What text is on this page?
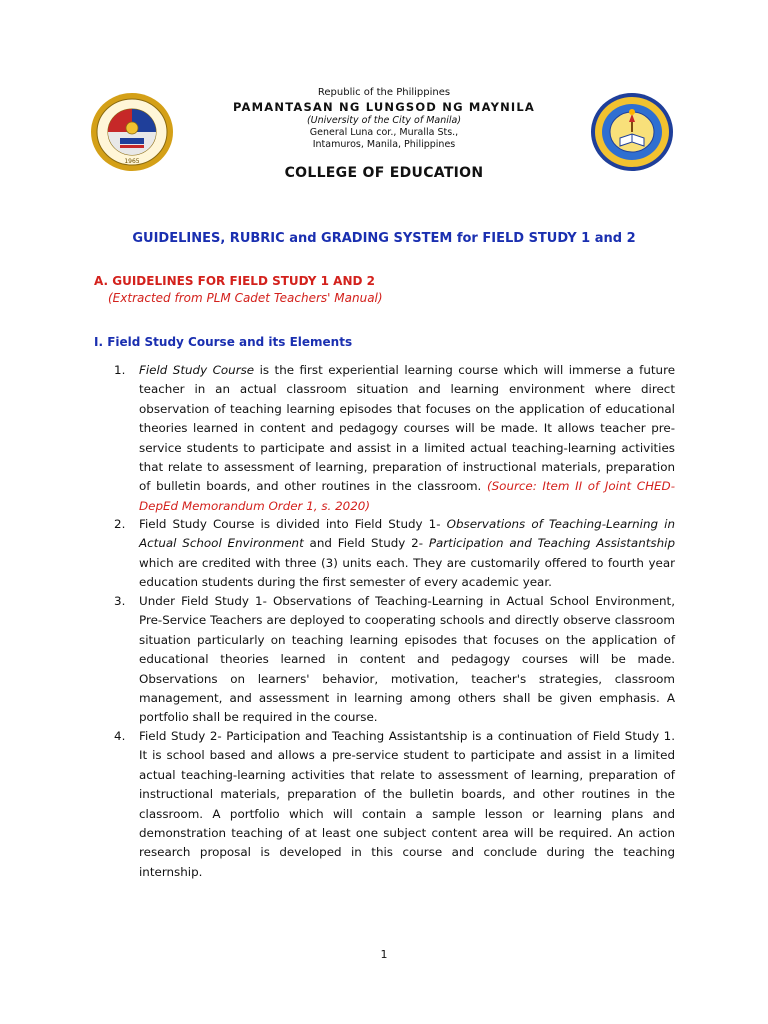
1965
Republic of the Philippines
PAMANTASAN NG LUNGSOD NG MAYNILA
(University of the City of Manila)
General Luna cor., Muralla Sts.,
Intamuros, Manila, Philippines
COLLEGE OF EDUCATION
GUIDELINES, RUBRIC and GRADING SYSTEM for FIELD STUDY 1 and 2
A. GUIDELINES FOR FIELD STUDY 1 AND 2
(Extracted from PLM Cadet Teachers' Manual)
I. Field Study Course and its Elements
1. Field Study Course is the first experiential learning course which will immerse a future teacher in an actual classroom situation and learning environment where direct observation of teaching learning episodes that focuses on the application of educational theories learned in content and pedagogy courses will be made. It allows teacher pre-service students to participate and assist in a limited actual teaching-learning activities that relate to assessment of learning, preparation of instructional materials, preparation of bulletin boards, and other routines in the classroom. (Source: Item II of Joint CHED-DepEd Memorandum Order 1, s. 2020)
2. Field Study Course is divided into Field Study 1- Observations of Teaching-Learning in Actual School Environment and Field Study 2- Participation and Teaching Assistantship which are credited with three (3) units each. They are customarily offered to fourth year education students during the first semester of every academic year.
3. Under Field Study 1- Observations of Teaching-Learning in Actual School Environment, Pre-Service Teachers are deployed to cooperating schools and directly observe classroom situation particularly on teaching learning episodes that focuses on the application of educational theories learned in content and pedagogy courses will be made. Observations on learners' behavior, motivation, teacher's strategies, classroom management, and assessment in learning among others shall be given emphasis. A portfolio shall be required in the course.
4. Field Study 2- Participation and Teaching Assistantship is a continuation of Field Study 1. It is school based and allows a pre-service student to participate and assist in a limited actual teaching-learning activities that relate to assessment of learning, preparation of instructional materials, preparation of the bulletin boards, and other routines in the classroom. A portfolio which will contain a sample lesson or learning plans and demonstration teaching of at least one subject content area will be required. An action research proposal is developed in this course and conclude during the teaching internship.
1
